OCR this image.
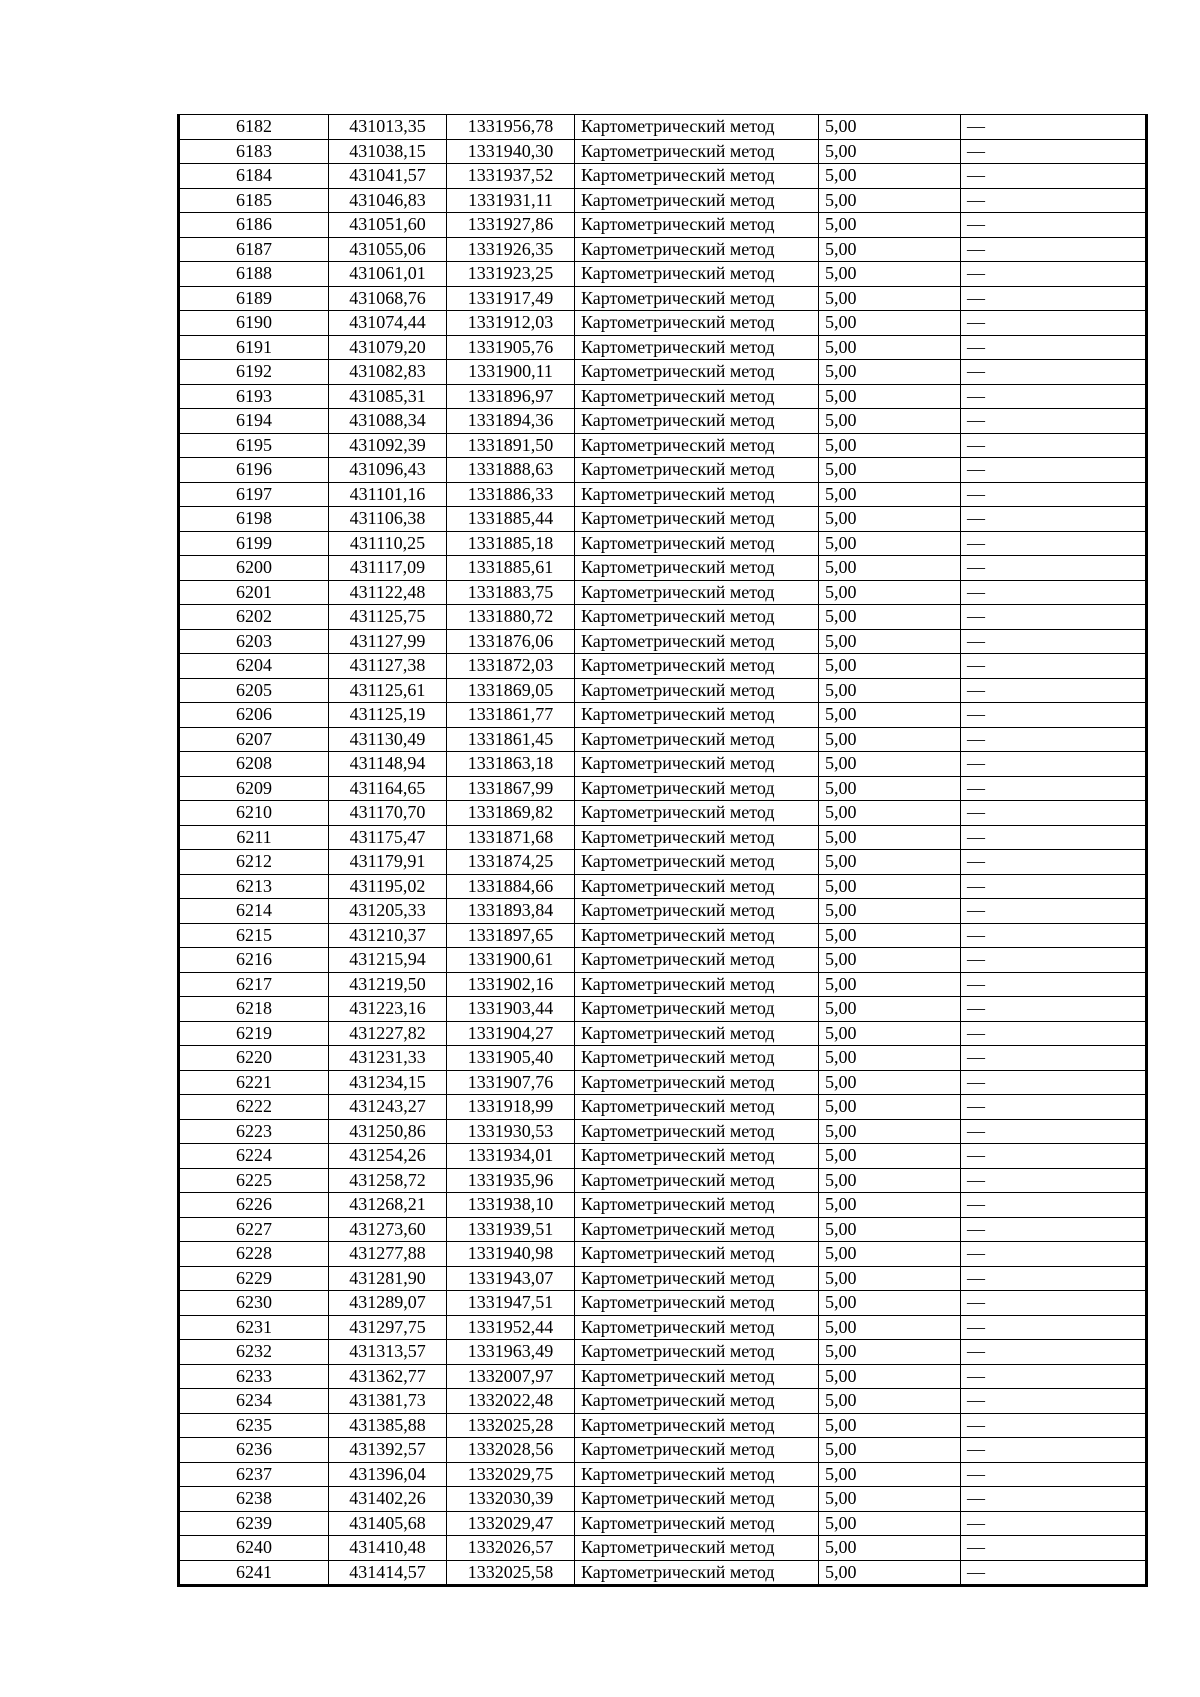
6182	431013,35	1331956,78	Картометрический метод	5,00	—
6183	431038,15	1331940,30	Картометрический метод	5,00	—
6184	431041,57	1331937,52	Картометрический метод	5,00	—
6185	431046,83	1331931,11	Картометрический метод	5,00	—
6186	431051,60	1331927,86	Картометрический метод	5,00	—
6187	431055,06	1331926,35	Картометрический метод	5,00	—
6188	431061,01	1331923,25	Картометрический метод	5,00	—
6189	431068,76	1331917,49	Картометрический метод	5,00	—
6190	431074,44	1331912,03	Картометрический метод	5,00	—
6191	431079,20	1331905,76	Картометрический метод	5,00	—
6192	431082,83	1331900,11	Картометрический метод	5,00	—
6193	431085,31	1331896,97	Картометрический метод	5,00	—
6194	431088,34	1331894,36	Картометрический метод	5,00	—
6195	431092,39	1331891,50	Картометрический метод	5,00	—
6196	431096,43	1331888,63	Картометрический метод	5,00	—
6197	431101,16	1331886,33	Картометрический метод	5,00	—
6198	431106,38	1331885,44	Картометрический метод	5,00	—
6199	431110,25	1331885,18	Картометрический метод	5,00	—
6200	431117,09	1331885,61	Картометрический метод	5,00	—
6201	431122,48	1331883,75	Картометрический метод	5,00	—
6202	431125,75	1331880,72	Картометрический метод	5,00	—
6203	431127,99	1331876,06	Картометрический метод	5,00	—
6204	431127,38	1331872,03	Картометрический метод	5,00	—
6205	431125,61	1331869,05	Картометрический метод	5,00	—
6206	431125,19	1331861,77	Картометрический метод	5,00	—
6207	431130,49	1331861,45	Картометрический метод	5,00	—
6208	431148,94	1331863,18	Картометрический метод	5,00	—
6209	431164,65	1331867,99	Картометрический метод	5,00	—
6210	431170,70	1331869,82	Картометрический метод	5,00	—
6211	431175,47	1331871,68	Картометрический метод	5,00	—
6212	431179,91	1331874,25	Картометрический метод	5,00	—
6213	431195,02	1331884,66	Картометрический метод	5,00	—
6214	431205,33	1331893,84	Картометрический метод	5,00	—
6215	431210,37	1331897,65	Картометрический метод	5,00	—
6216	431215,94	1331900,61	Картометрический метод	5,00	—
6217	431219,50	1331902,16	Картометрический метод	5,00	—
6218	431223,16	1331903,44	Картометрический метод	5,00	—
6219	431227,82	1331904,27	Картометрический метод	5,00	—
6220	431231,33	1331905,40	Картометрический метод	5,00	—
6221	431234,15	1331907,76	Картометрический метод	5,00	—
6222	431243,27	1331918,99	Картометрический метод	5,00	—
6223	431250,86	1331930,53	Картометрический метод	5,00	—
6224	431254,26	1331934,01	Картометрический метод	5,00	—
6225	431258,72	1331935,96	Картометрический метод	5,00	—
6226	431268,21	1331938,10	Картометрический метод	5,00	—
6227	431273,60	1331939,51	Картометрический метод	5,00	—
6228	431277,88	1331940,98	Картометрический метод	5,00	—
6229	431281,90	1331943,07	Картометрический метод	5,00	—
6230	431289,07	1331947,51	Картометрический метод	5,00	—
6231	431297,75	1331952,44	Картометрический метод	5,00	—
6232	431313,57	1331963,49	Картометрический метод	5,00	—
6233	431362,77	1332007,97	Картометрический метод	5,00	—
6234	431381,73	1332022,48	Картометрический метод	5,00	—
6235	431385,88	1332025,28	Картометрический метод	5,00	—
6236	431392,57	1332028,56	Картометрический метод	5,00	—
6237	431396,04	1332029,75	Картометрический метод	5,00	—
6238	431402,26	1332030,39	Картометрический метод	5,00	—
6239	431405,68	1332029,47	Картометрический метод	5,00	—
6240	431410,48	1332026,57	Картометрический метод	5,00	—
6241	431414,57	1332025,58	Картометрический метод	5,00	—
